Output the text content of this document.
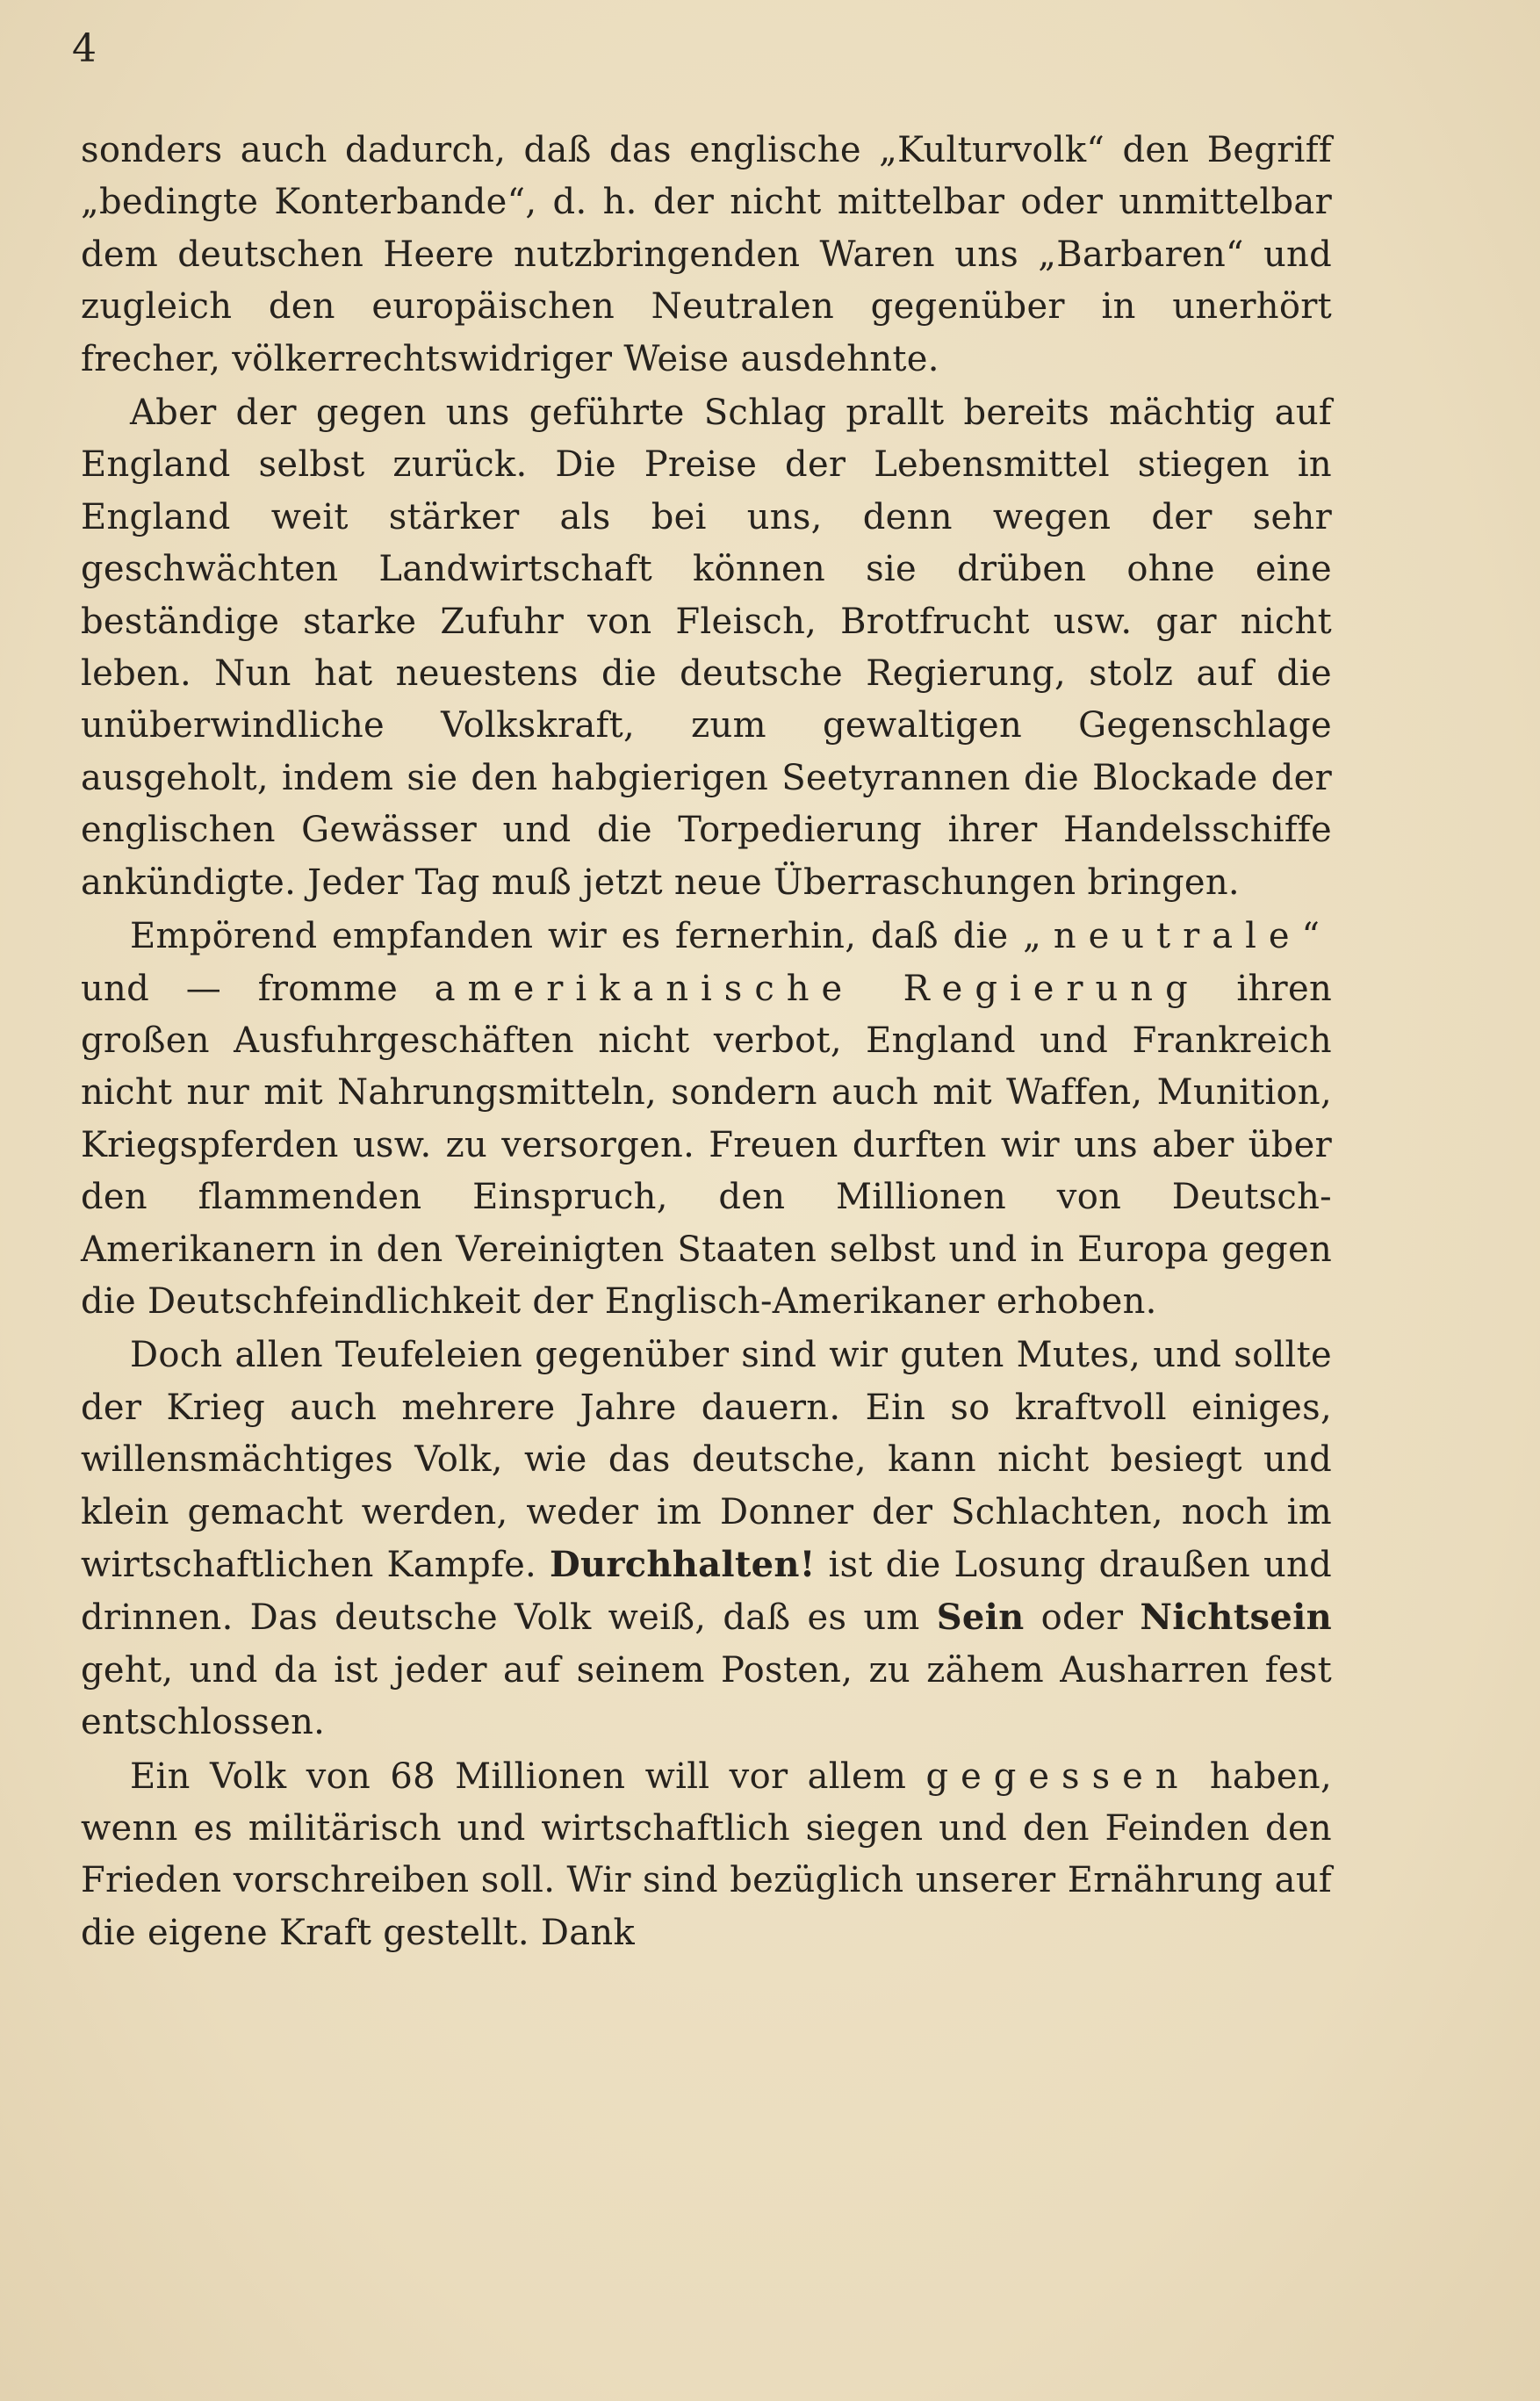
4

sonders auch dadurch, daß das englische „Kulturvolk“ den Begriff „bedingte Konterbande“, d. h. der nicht mittelbar oder unmittelbar dem deutschen Heere nutzbringenden Waren uns „Barbaren“ und zugleich den europäischen Neutralen gegenüber in unerhört frecher, völkerrechtswidriger Weise ausdehnte.

Aber der gegen uns geführte Schlag prallt bereits mächtig auf England selbst zurück. Die Preise der Lebensmittel stiegen in England weit stärker als bei uns, denn wegen der sehr geschwächten Landwirtschaft können sie drüben ohne eine beständige starke Zufuhr von Fleisch, Brotfrucht usw. gar nicht leben. Nun hat neuestens die deutsche Regierung, stolz auf die unüberwindliche Volkskraft, zum gewaltigen Gegenschlage ausgeholt, indem sie den habgierigen Seetyrannen die Blockade der englischen Gewässer und die Torpedierung ihrer Handelsschiffe ankündigte. Jeder Tag muß jetzt neue Überraschungen bringen.

Empörend empfanden wir es fernerhin, daß die „neutrale“ und — fromme amerikanische Regierung ihren großen Ausfuhrgeschäften nicht verbot, England und Frankreich nicht nur mit Nahrungsmitteln, sondern auch mit Waffen, Munition, Kriegspferden usw. zu versorgen. Freuen durften wir uns aber über den flammenden Einspruch, den Millionen von Deutsch-Amerikanern in den Vereinigten Staaten selbst und in Europa gegen die Deutschfeindlichkeit der Englisch-Amerikaner erhoben.

Doch allen Teufeleien gegenüber sind wir guten Mutes, und sollte der Krieg auch mehrere Jahre dauern. Ein so kraftvoll einiges, willensmächtiges Volk, wie das deutsche, kann nicht besiegt und klein gemacht werden, weder im Donner der Schlachten, noch im wirtschaftlichen Kampfe. Durchhalten! ist die Losung draußen und drinnen. Das deutsche Volk weiß, daß es um Sein oder Nichtsein geht, und da ist jeder auf seinem Posten, zu zähem Ausharren fest entschlossen.

Ein Volk von 68 Millionen will vor allem gegessen haben, wenn es militärisch und wirtschaftlich siegen und den Feinden den Frieden vorschreiben soll. Wir sind bezüglich unserer Ernährung auf die eigene Kraft gestellt. Dank
